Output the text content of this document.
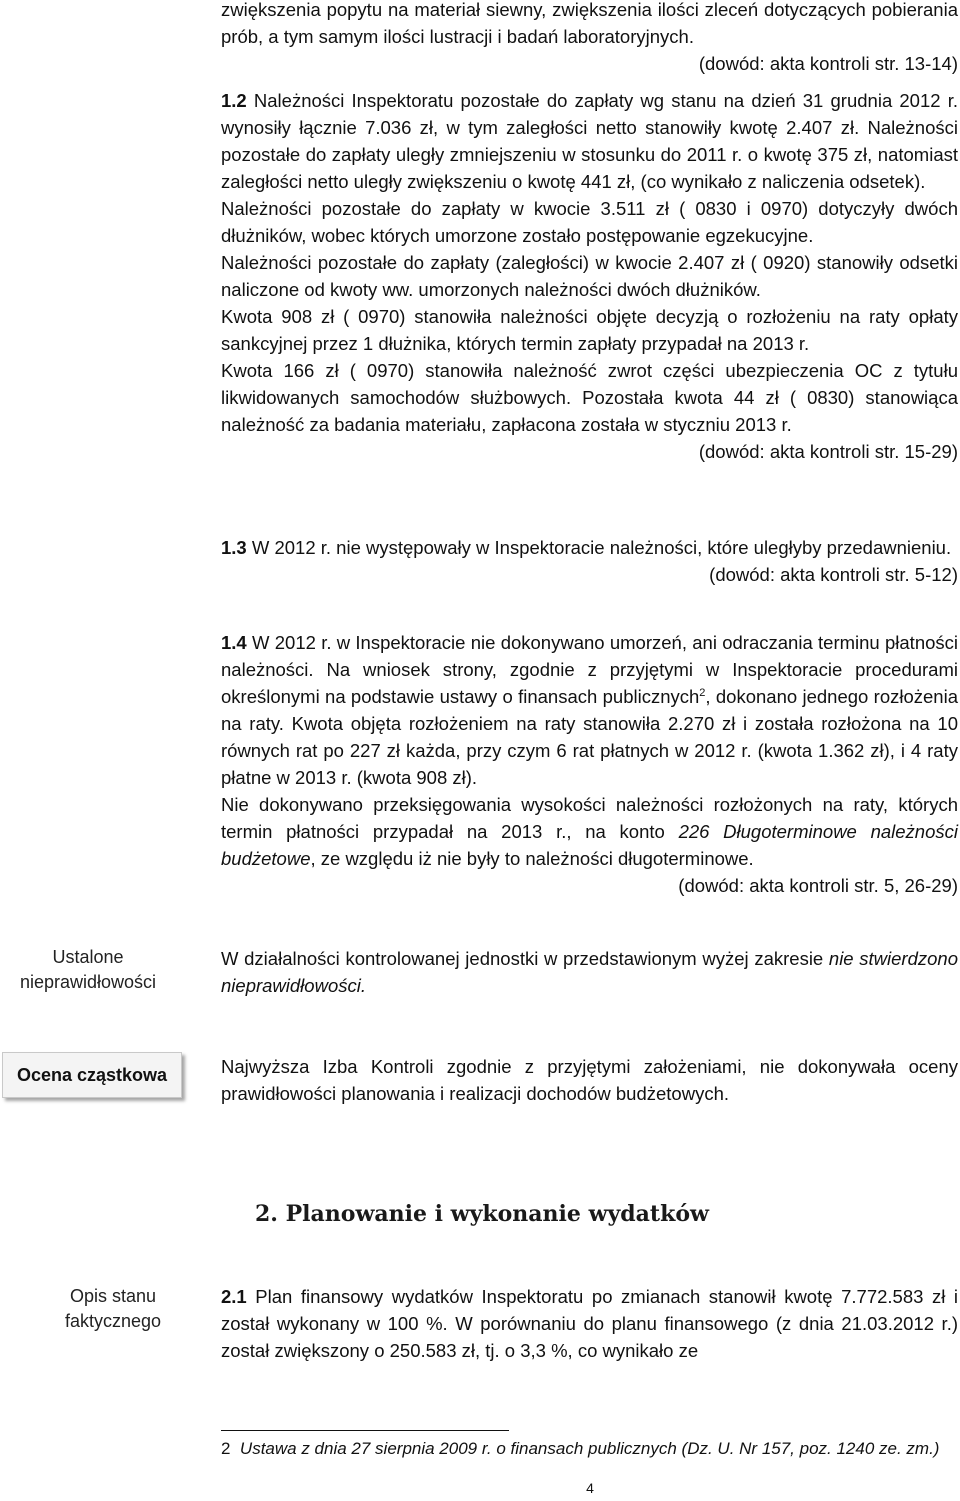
zwiększenia popytu na materiał siewny, zwiększenia ilości zleceń dotyczących pobierania prób, a tym samym ilości lustracji i badań laboratoryjnych.

(dowód: akta kontroli str. 13-14)

1.2 Należności Inspektoratu pozostałe do zapłaty wg stanu na dzień 31 grudnia 2012 r. wynosiły łącznie 7.036 zł, w tym zaległości netto stanowiły kwotę 2.407 zł. Należności pozostałe do zapłaty uległy zmniejszeniu w stosunku do 2011 r. o kwotę 375 zł, natomiast zaległości netto uległy zwiększeniu o kwotę 441 zł, (co wynikało z naliczenia odsetek).

Należności pozostałe do zapłaty w kwocie 3.511 zł ( 0830 i 0970) dotyczyły dwóch dłużników, wobec których umorzone zostało postępowanie egzekucyjne.

Należności pozostałe do zapłaty (zaległości) w kwocie 2.407 zł ( 0920) stanowiły odsetki naliczone od kwoty ww. umorzonych należności dwóch dłużników.

Kwota 908 zł ( 0970) stanowiła należności objęte decyzją o rozłożeniu na raty opłaty sankcyjnej przez 1 dłużnika, których termin zapłaty przypadał na 2013 r.

Kwota 166 zł ( 0970) stanowiła należność zwrot części ubezpieczenia OC z tytułu likwidowanych samochodów służbowych. Pozostała kwota 44 zł ( 0830) stanowiąca należność za badania materiału, zapłacona została w styczniu 2013 r.

(dowód: akta kontroli str. 15-29)

1.3 W 2012 r. nie występowały w Inspektoracie należności, które uległyby przedawnieniu.

(dowód: akta kontroli str. 5-12)

1.4 W 2012 r. w Inspektoracie nie dokonywano umorzeń, ani odraczania terminu płatności należności. Na wniosek strony, zgodnie z przyjętymi w Inspektoracie procedurami określonymi na podstawie ustawy o finansach publicznych$^2$, dokonano jednego rozłożenia na raty. Kwota objęta rozłożeniem na raty stanowiła 2.270 zł i została rozłożona na 10 równych rat po 227 zł każda, przy czym 6 rat płatnych w 2012 r. (kwota 1.362 zł), i 4 raty płatne w 2013 r. (kwota 908 zł).

Nie dokonywano przeksięgowania wysokości należności rozłożonych na raty, których termin płatności przypadał na 2013 r., na konto 226 Długoterminowe należności budżetowe, ze względu iż nie były to należności długoterminowe.

(dowód: akta kontroli str. 5, 26-29)

Ustalone
nieprawidłowości

W działalności kontrolowanej jednostki w przedstawionym wyżej zakresie nie stwierdzono nieprawidłowości.

Ocena cząstkowa	Najwyższa Izba Kontroli zgodnie z przyjętymi założeniami, nie dokonywała oceny prawidłowości planowania i realizacji dochodów budżetowych.

2. Planowanie i wykonanie wydatków
Opis stanu
faktycznego

2.1 Plan finansowy wydatków Inspektoratu po zmianach stanowił kwotę 7.772.583 zł i został wykonany w 100 %. W porównaniu do planu finansowego (z dnia 21.03.2012 r.) został zwiększony o 250.583 zł, tj. o 3,3 %, co wynikało ze

2 Ustawa z dnia 27 sierpnia 2009 r. o finansach publicznych (Dz. U. Nr 157, poz. 1240 ze. zm.)
4
